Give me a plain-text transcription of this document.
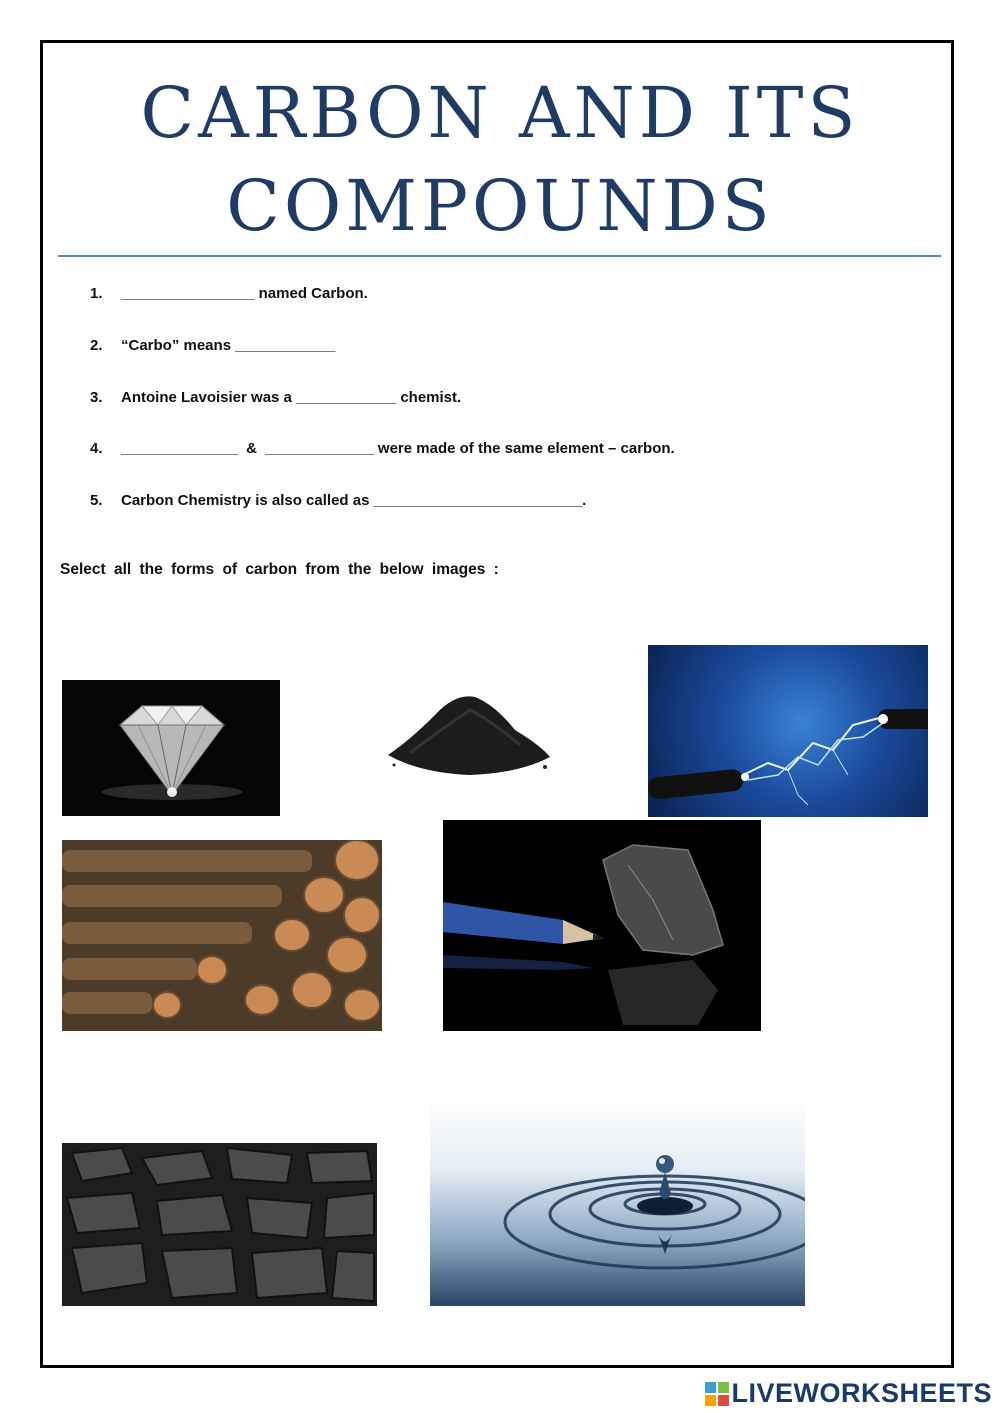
CARBON AND ITS
COMPOUNDS
1. ________________ named Carbon.
2. “Carbo” means ____________
3. Antoine Lavoisier was a ____________ chemist.
4. ______________  &  _____________ were made of the same element – carbon.
5. Carbon Chemistry is also called as _________________________.
Select all the forms of carbon from the below images :
LIVEWORKSHEETS
